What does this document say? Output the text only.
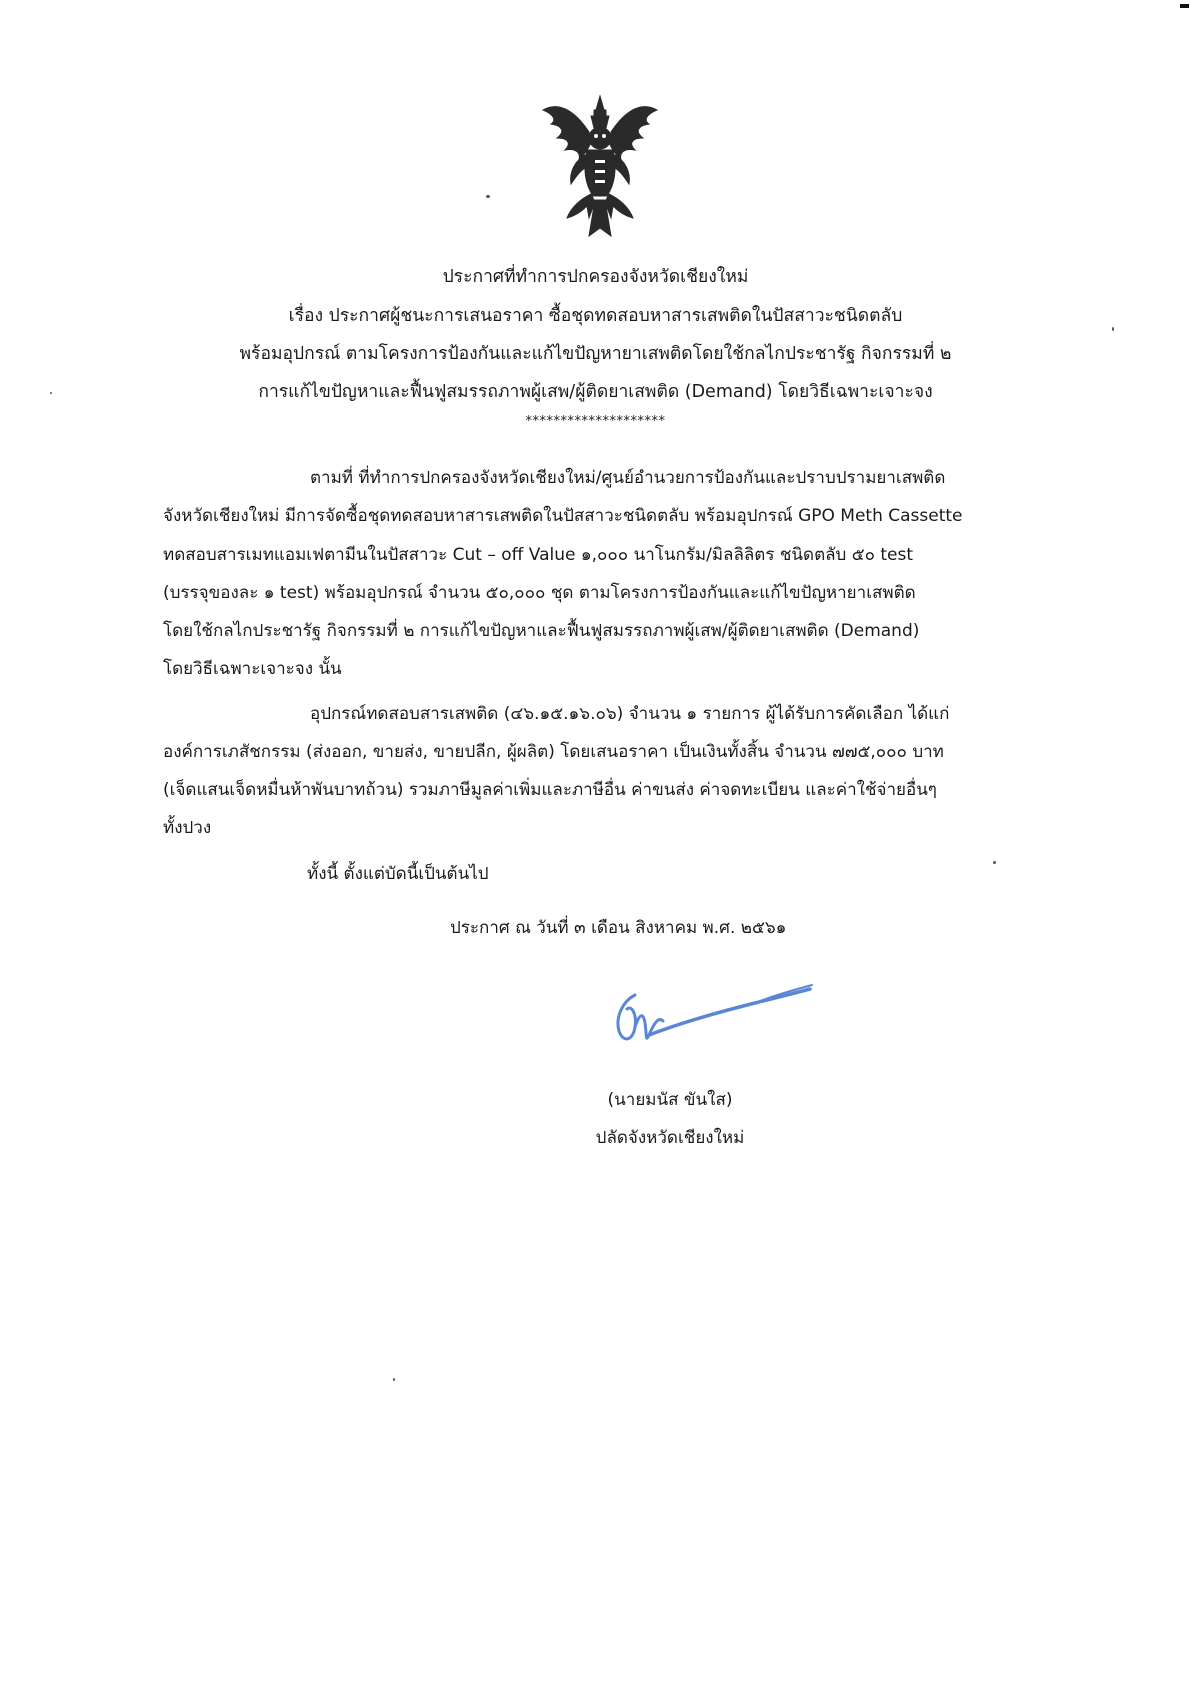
ประกาศที่ทำการปกครองจังหวัดเชียงใหม่
เรื่อง ประกาศผู้ชนะการเสนอราคา ซื้อชุดทดสอบหาสารเสพติดในปัสสาวะชนิดตลับ
พร้อมอุปกรณ์ ตามโครงการป้องกันและแก้ไขปัญหายาเสพติดโดยใช้กลไกประชารัฐ กิจกรรมที่ ๒
การแก้ไขปัญหาและฟื้นฟูสมรรถภาพผู้เสพ/ผู้ติดยาเสพติด (Demand) โดยวิธีเฉพาะเจาะจง
********************
ตามที่ ที่ทำการปกครองจังหวัดเชียงใหม่/ศูนย์อำนวยการป้องกันและปราบปรามยาเสพติด
จังหวัดเชียงใหม่ มีการจัดซื้อชุดทดสอบหาสารเสพติดในปัสสาวะชนิดตลับ พร้อมอุปกรณ์ GPO Meth Cassette
ทดสอบสารเมทแอมเฟตามีนในปัสสาวะ Cut – off Value ๑,๐๐๐ นาโนกรัม/มิลลิลิตร ชนิดตลับ ๕๐ test
(บรรจุของละ ๑ test) พร้อมอุปกรณ์ จำนวน ๕๐,๐๐๐ ชุด ตามโครงการป้องกันและแก้ไขปัญหายาเสพติด
โดยใช้กลไกประชารัฐ กิจกรรมที่ ๒ การแก้ไขปัญหาและฟื้นฟูสมรรถภาพผู้เสพ/ผู้ติดยาเสพติด (Demand)
โดยวิธีเฉพาะเจาะจง นั้น
อุปกรณ์ทดสอบสารเสพติด (๔๖.๑๕.๑๖.๐๖) จำนวน ๑ รายการ ผู้ได้รับการคัดเลือก ได้แก่
องค์การเภสัชกรรม (ส่งออก, ขายส่ง, ขายปลีก, ผู้ผลิต) โดยเสนอราคา เป็นเงินทั้งสิ้น จำนวน ๗๗๕,๐๐๐ บาท
(เจ็ดแสนเจ็ดหมื่นห้าพันบาทถ้วน) รวมภาษีมูลค่าเพิ่มและภาษีอื่น ค่าขนส่ง ค่าจดทะเบียน และค่าใช้จ่ายอื่นๆ
ทั้งปวง
ทั้งนี้ ตั้งแต่บัดนี้เป็นต้นไป
ประกาศ ณ วันที่ ๓ เดือน สิงหาคม พ.ศ. ๒๕๖๑
(นายมนัส ขันใส)
ปลัดจังหวัดเชียงใหม่
